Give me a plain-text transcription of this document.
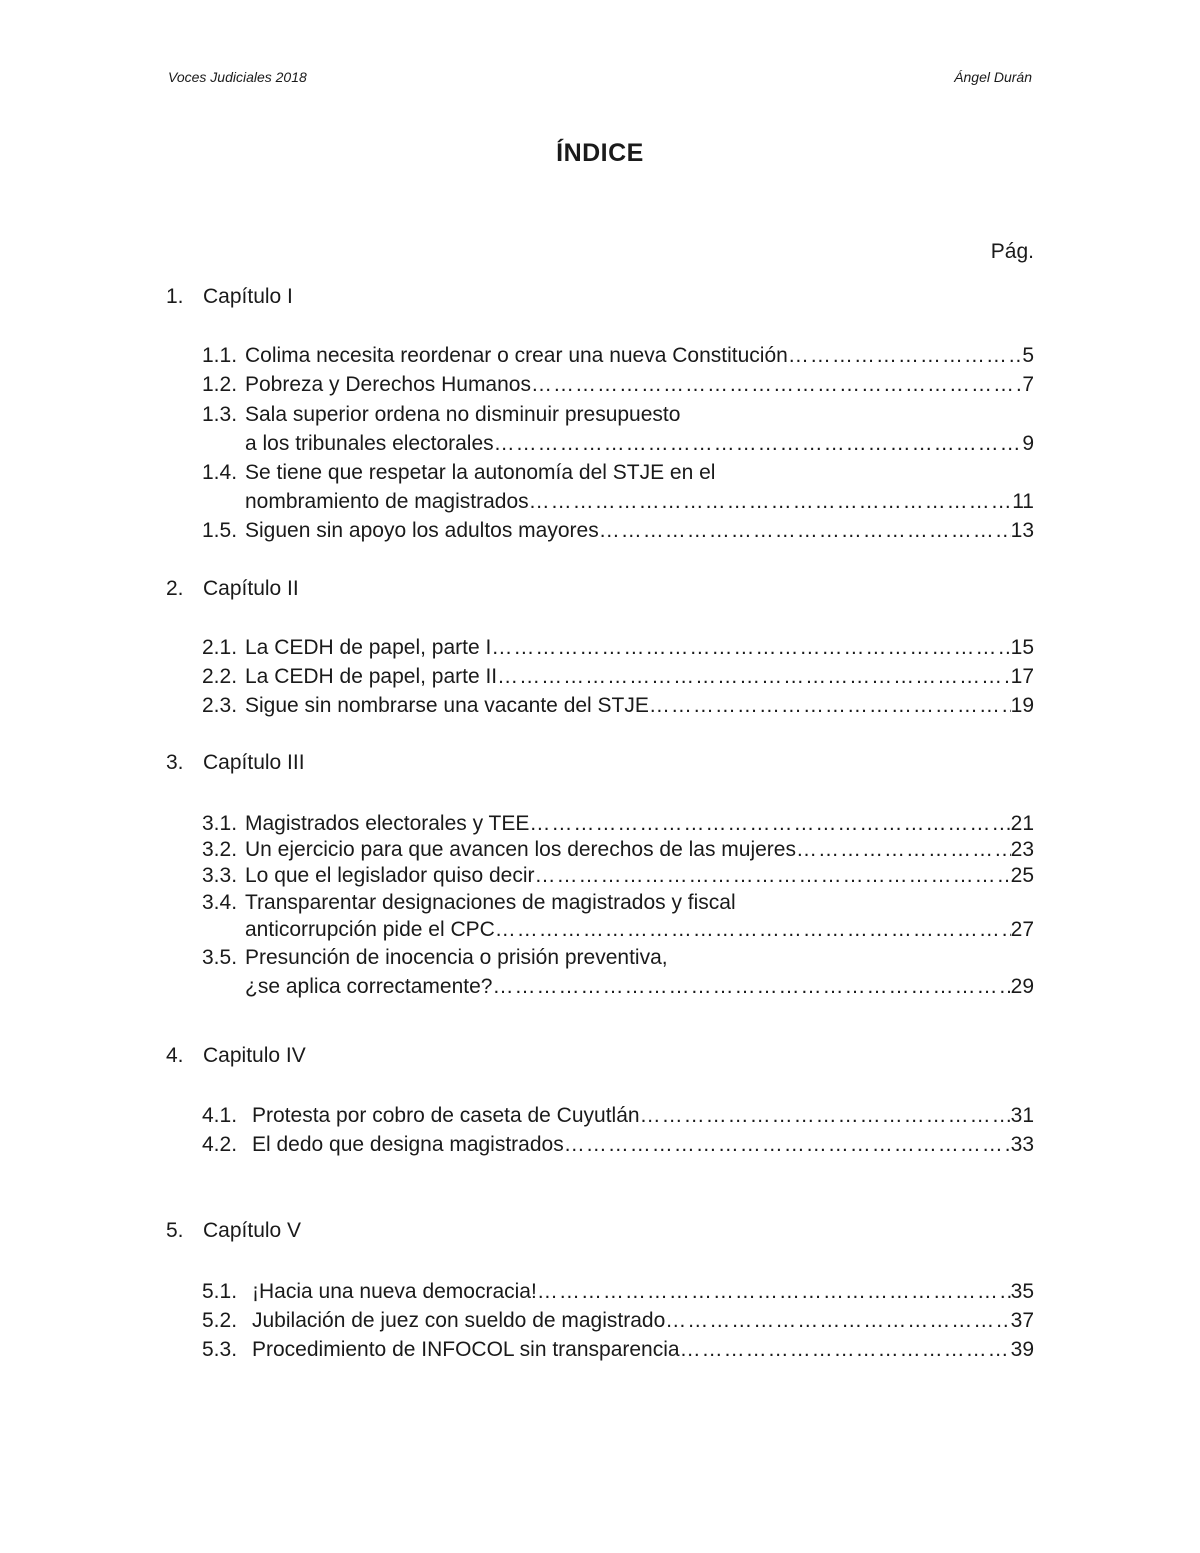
Voces Judiciales 2018	Ángel Durán
ÍNDICE
Pág.
1. Capítulo I
1.1. Colima necesita reordenar o crear una nueva Constitución …………………………………………………………………………………………………………………………………………	5
1.2. Pobreza y Derechos Humanos …………………………………………………………………………………………………………………………………………	7
1.3. Sala superior ordena no disminuir presupuesto
a los tribunales electorales …………………………………………………………………………………………………………………………………………	9
1.4. Se tiene que respetar la autonomía del STJE en el
nombramiento de magistrados …………………………………………………………………………………………………………………………………………	11
1.5. Siguen sin apoyo los adultos mayores …………………………………………………………………………………………………………………………………………	13
2. Capítulo II
2.1. La CEDH de papel, parte I …………………………………………………………………………………………………………………………………………	15
2.2. La CEDH de papel, parte II …………………………………………………………………………………………………………………………………………	17
2.3. Sigue sin nombrarse una vacante del STJE …………………………………………………………………………………………………………………………………………	19
3. Capítulo III
3.1. Magistrados electorales y TEE …………………………………………………………………………………………………………………………………………	21
3.2. Un ejercicio para que avancen los derechos de las mujeres …………………………………………………………………………………………………………………………………………	23
3.3. Lo que el legislador quiso decir …………………………………………………………………………………………………………………………………………	25
3.4. Transparentar designaciones de magistrados y fiscal
anticorrupción pide el CPC …………………………………………………………………………………………………………………………………………	27
3.5. Presunción de inocencia o prisión preventiva,
¿se aplica correctamente? …………………………………………………………………………………………………………………………………………	29
4. Capitulo IV
4.1. Protesta por cobro de caseta de Cuyutlán …………………………………………………………………………………………………………………………………………	31
4.2. El dedo que designa magistrados …………………………………………………………………………………………………………………………………………	33
5. Capítulo V
5.1. ¡Hacia una nueva democracia! …………………………………………………………………………………………………………………………………………	35
5.2. Jubilación de juez con sueldo de magistrado …………………………………………………………………………………………………………………………………………	37
5.3. Procedimiento de INFOCOL sin transparencia …………………………………………………………………………………………………………………………………………	39
